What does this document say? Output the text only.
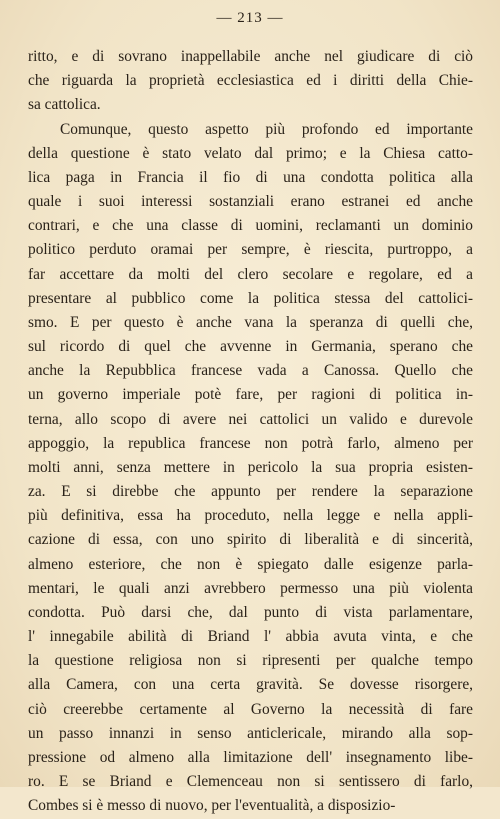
— 213 —

ritto, e di sovrano inappellabile anche nel giudicare di ciò
che riguarda la proprietà ecclesiastica ed i diritti della Chie-
sa cattolica.
Comunque, questo aspetto più profondo ed importante
della questione è stato velato dal primo; e la Chiesa catto-
lica paga in Francia il fio di una condotta politica alla
quale i suoi interessi sostanziali erano estranei ed anche
contrari, e che una classe di uomini, reclamanti un dominio
politico perduto oramai per sempre, è riescita, purtroppo, a
far accettare da molti del clero secolare e regolare, ed a
presentare al pubblico come la politica stessa del cattolici-
smo. E per questo è anche vana la speranza di quelli che,
sul ricordo di quel che avvenne in Germania, sperano che
anche la Repubblica francese vada a Canossa. Quello che
un governo imperiale potè fare, per ragioni di politica in-
terna, allo scopo di avere nei cattolici un valido e durevole
appoggio, la republica francese non potrà farlo, almeno per
molti anni, senza mettere in pericolo la sua propria esisten-
za. E si direbbe che appunto per rendere la separazione
più definitiva, essa ha proceduto, nella legge e nella appli-
cazione di essa, con uno spirito di liberalità e di sincerità,
almeno esteriore, che non è spiegato dalle esigenze parla-
mentari, le quali anzi avrebbero permesso una più violenta
condotta. Può darsi che, dal punto di vista parlamentare,
l' innegabile abilità di Briand l' abbia avuta vinta, e che
la questione religiosa non si ripresenti per qualche tempo
alla Camera, con una certa gravità. Se dovesse risorgere,
ciò creerebbe certamente al Governo la necessità di fare
un passo innanzi in senso anticlericale, mirando alla sop-
pressione od almeno alla limitazione dell' insegnamento libe-
ro. E se Briand e Clemenceau non si sentissero di farlo,
Combes si è messo di nuovo, per l'eventualità, a disposizio-
